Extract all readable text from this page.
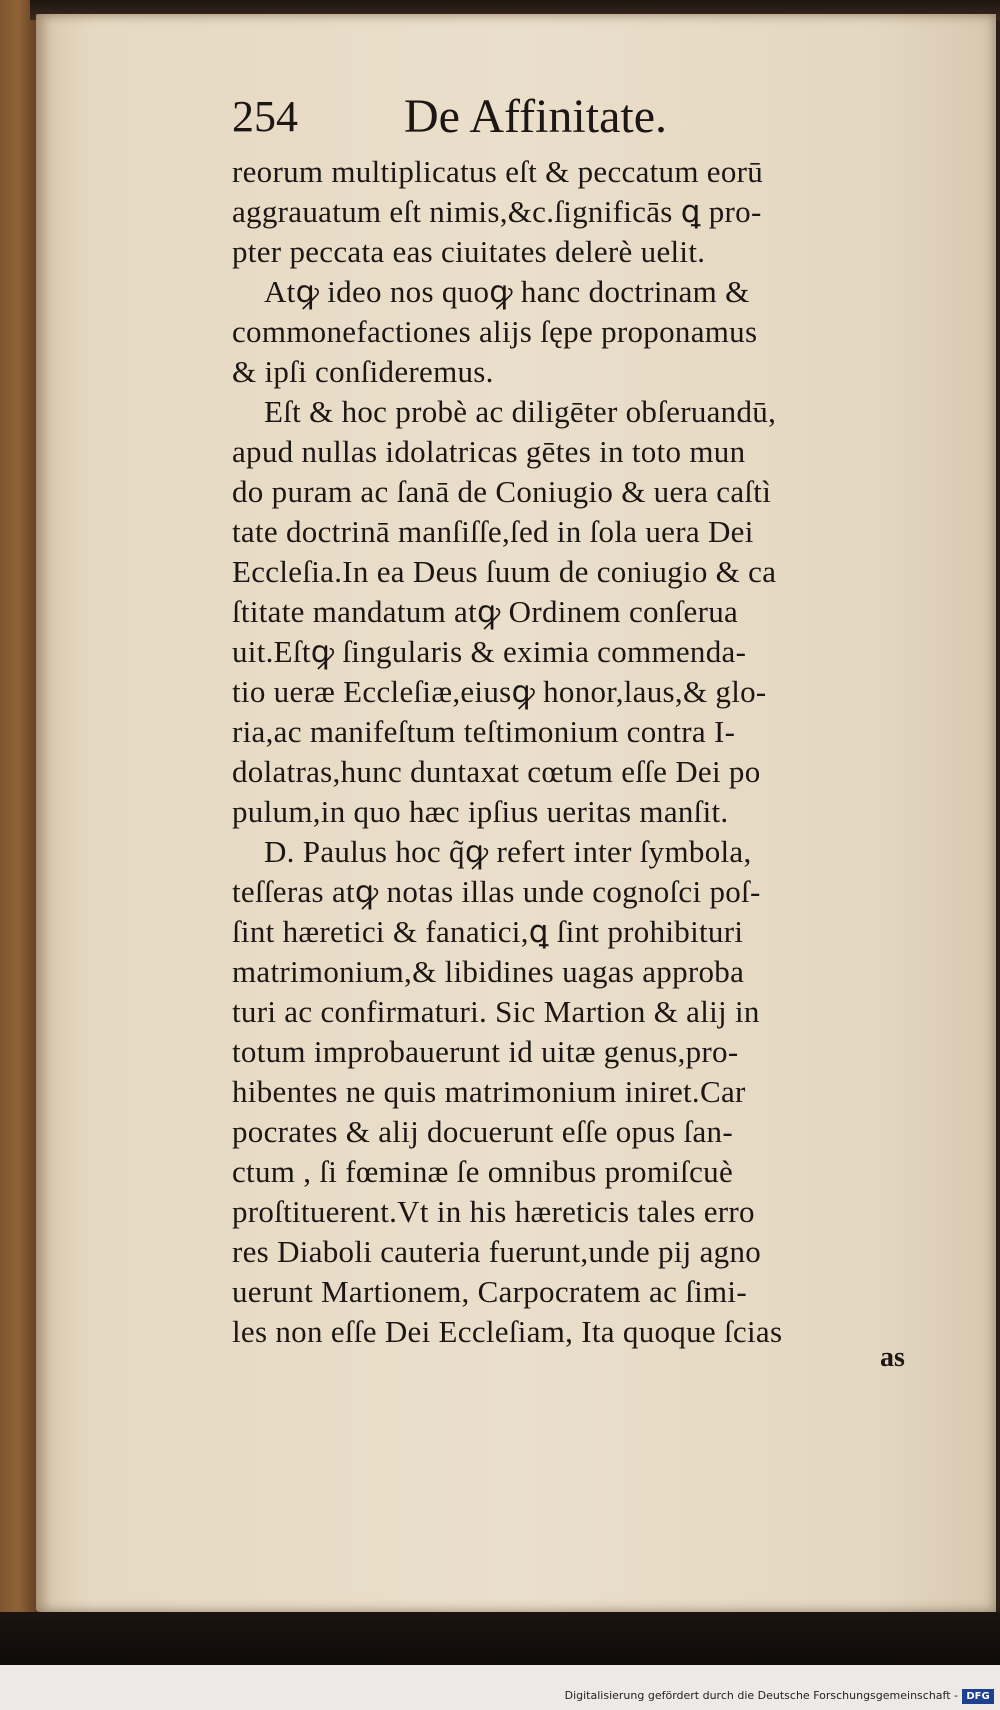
254 De Affinitate.
reorum multiplicatus eſt & peccatum eorū
aggrauatum eſt nimis,&c.ſignificās ꝗ pro-
pter peccata eas ciuitates delerè uelit.
Atꝙ ideo nos quoꝙ hanc doctrinam &
commonefactiones alijs ſępe proponamus
& ipſi conſideremus.
Eſt & hoc probè ac diligēter obſeruandū,
apud nullas idolatricas gētes in toto mun
do puram ac ſanā de Coniugio & uera caſtì
tate doctrinā manſiſſe,ſed in ſola uera Dei
Eccleſia.In ea Deus ſuum de coniugio & ca
ſtitate mandatum atꝙ Ordinem conſerua
uit.Eſtꝙ ſingularis & eximia commenda-
tio ueræ Eccleſiæ,eiusꝙ honor,laus,& glo-
ria,ac manifeſtum teſtimonium contra I-
dolatras,hunc duntaxat cœtum eſſe Dei po
pulum,in quo hæc ipſius ueritas manſit.
D. Paulus hoc q̃ꝙ refert inter ſymbola,
teſſeras atꝙ notas illas unde cognoſci poſ-
ſint hæretici & fanatici,ꝗ ſint prohibituri
matrimonium,& libidines uagas approba
turi ac confirmaturi. Sic Martion & alij in
totum improbauerunt id uitæ genus,pro-
hibentes ne quis matrimonium iniret.Car
pocrates & alij docuerunt eſſe opus ſan-
ctum , ſi fœminæ ſe omnibus promiſcuè
proſtituerent.Vt in his hæreticis tales erro
res Diaboli cauteria fuerunt,unde pij agno
uerunt Martionem, Carpocratem ac ſimi-
les non eſſe Dei Eccleſiam, Ita quoque ſcias
as
Digitalisierung gefördert durch die Deutsche Forschungsgemeinschaft - DFG
